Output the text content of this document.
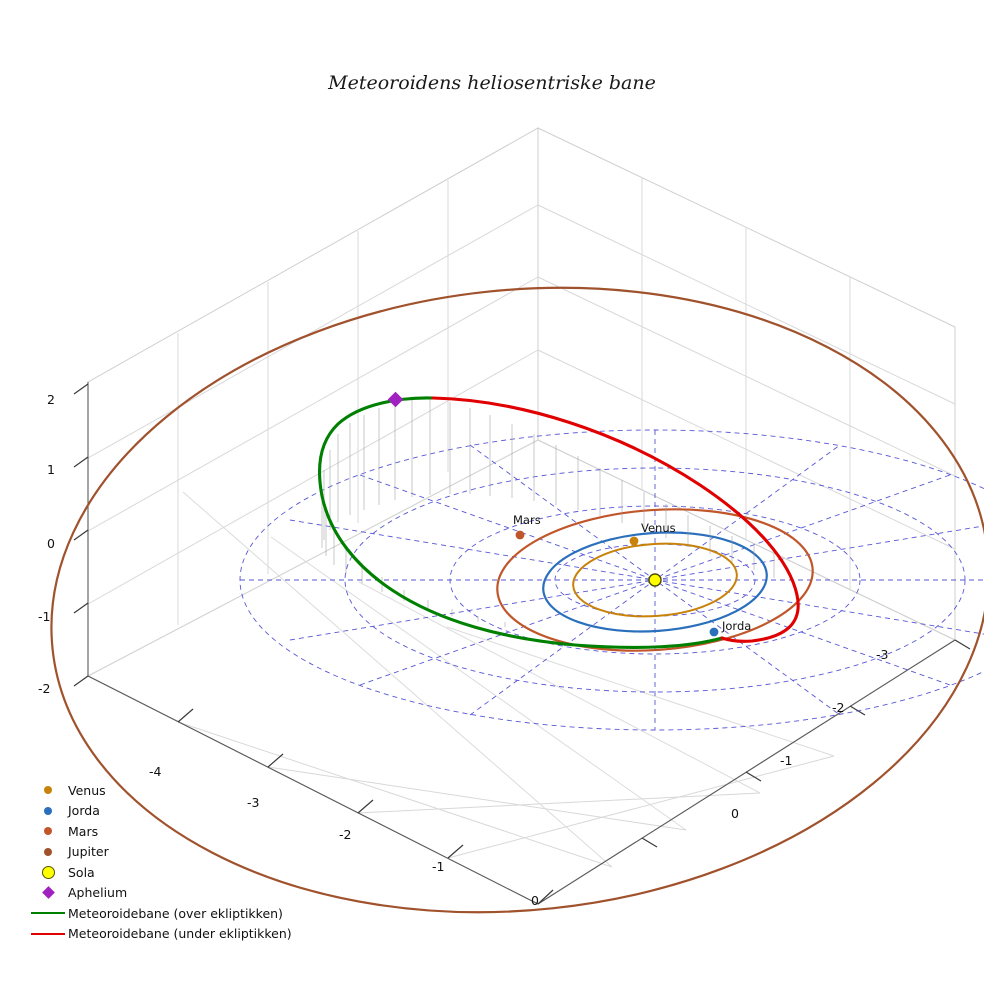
Meteoroidens heliosentriske bane
0
-1
-2
-3
-4
0
-1
-2
-3
2
1
0
-1
-2
Mars
Venus
Jorda
Venus
Jorda
Mars
Jupiter
Sola
Aphelium
Meteoroidebane (over ekliptikken)
Meteoroidebane (under ekliptikken)
